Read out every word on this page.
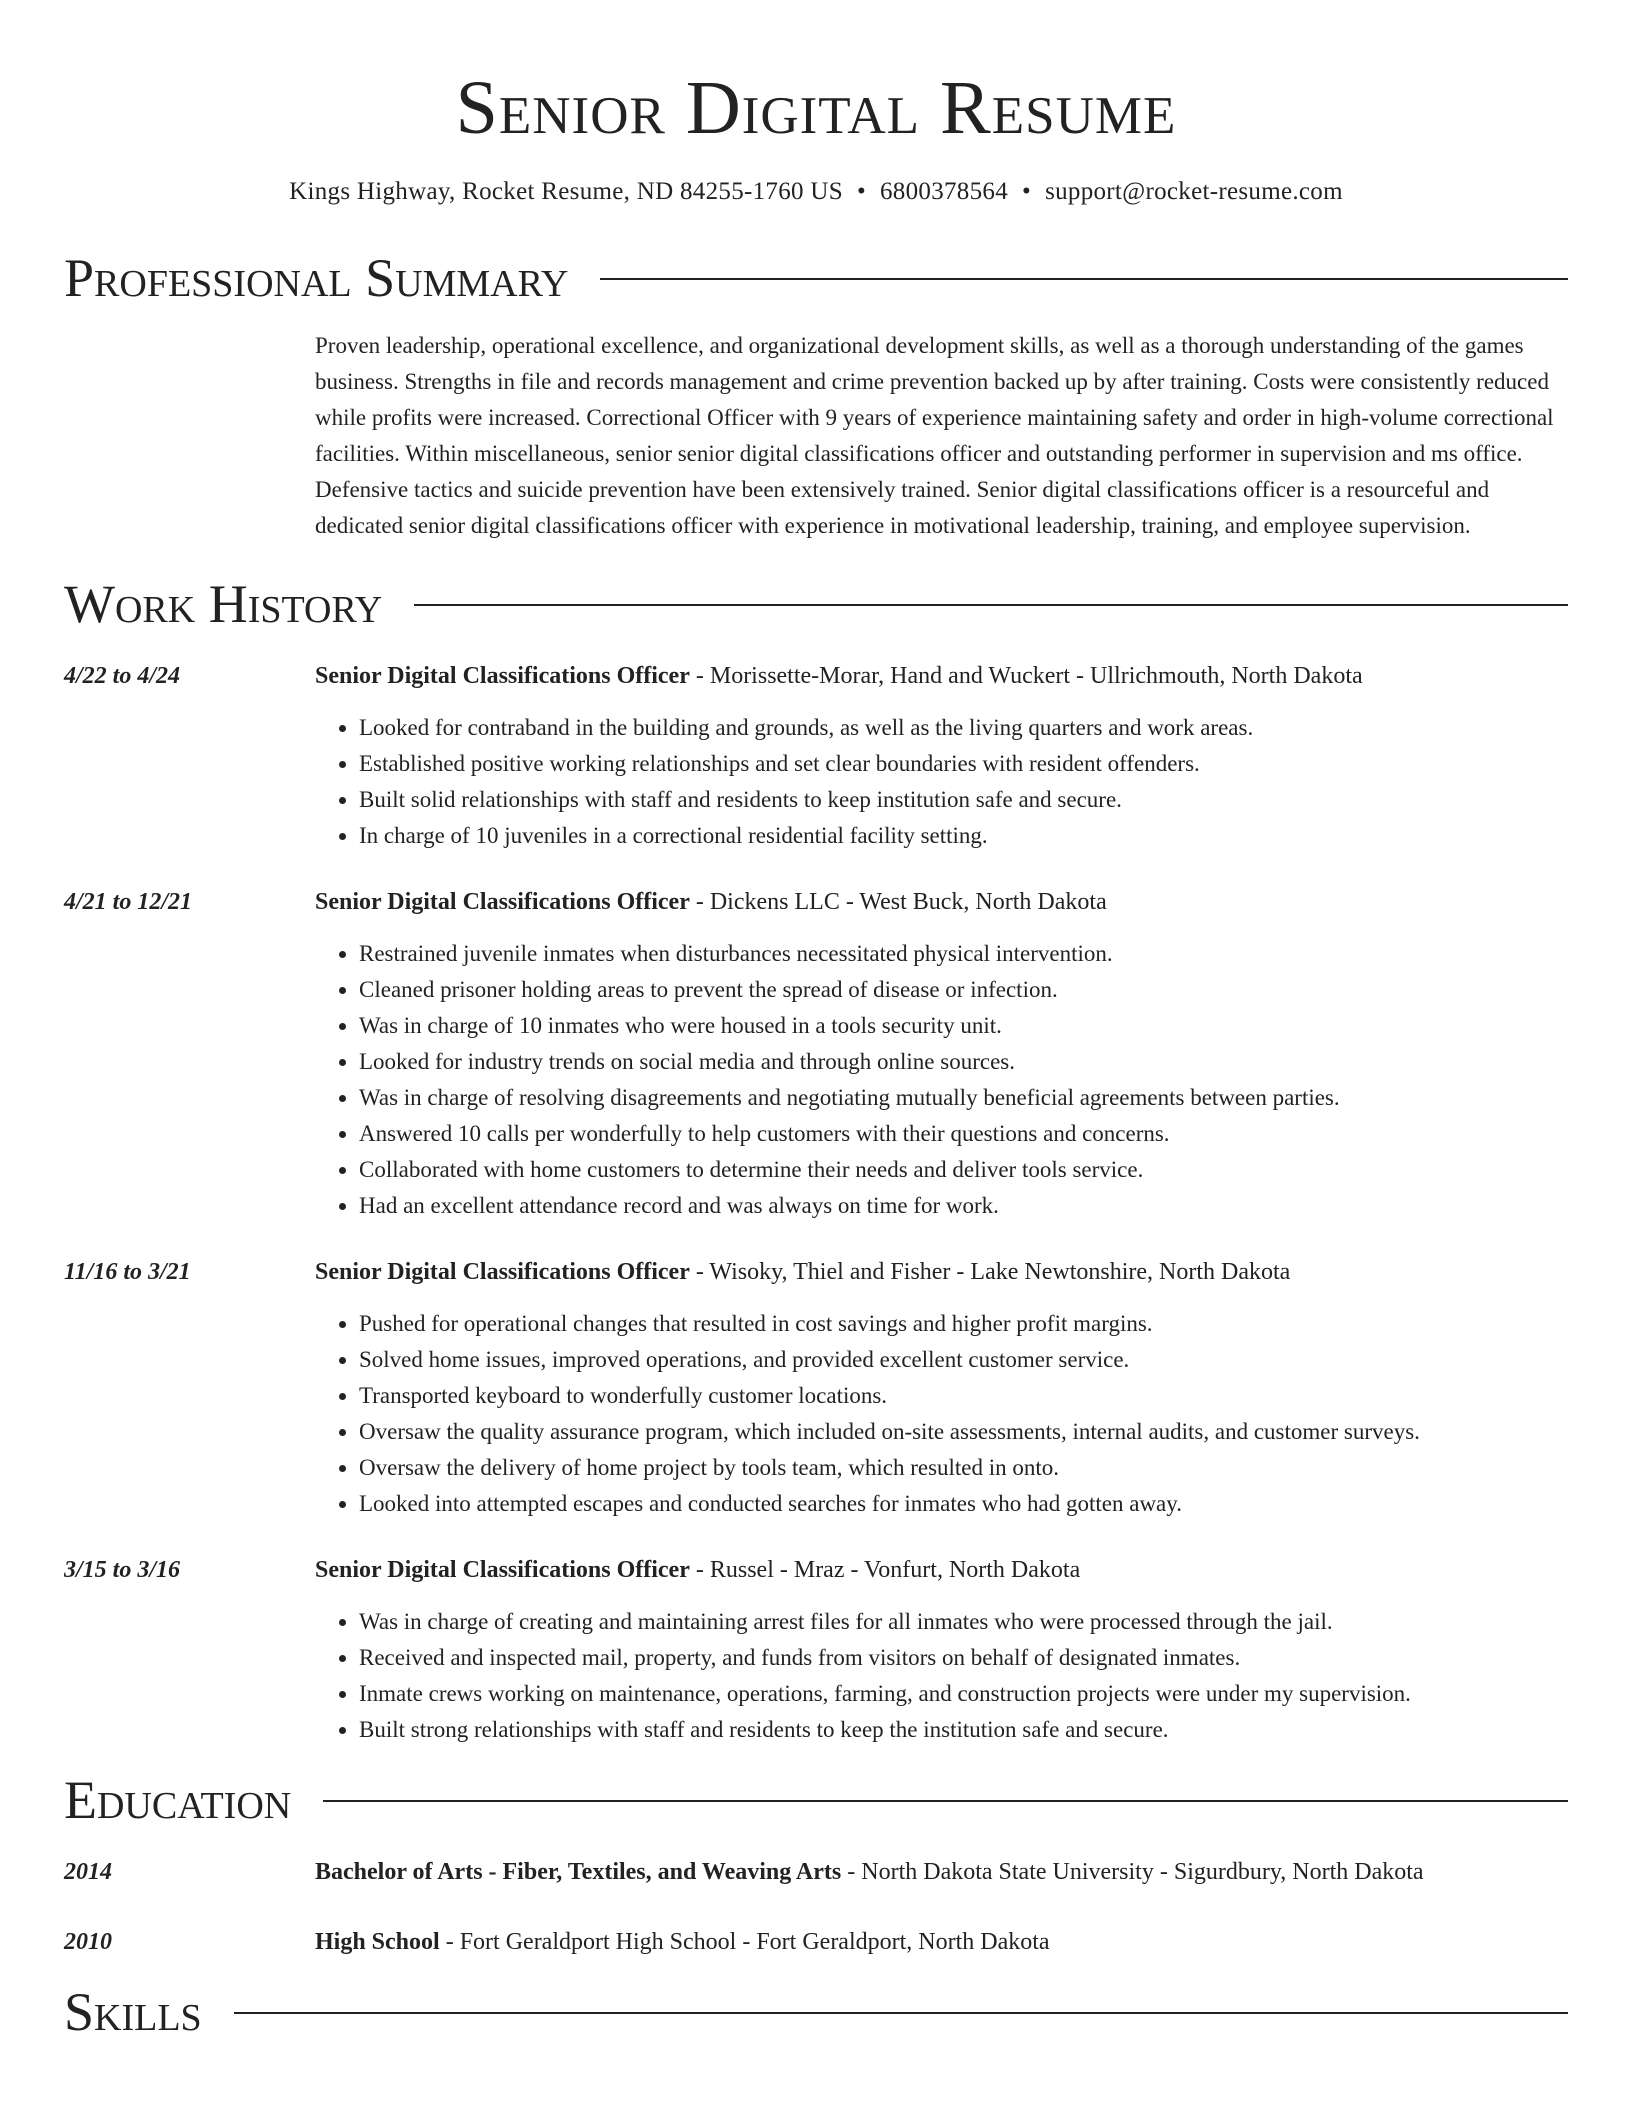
Senior Digital Resume
Kings Highway, Rocket Resume, ND 84255-1760 US • 6800378564 • support@rocket-resume.com
Professional Summary
Proven leadership, operational excellence, and organizational development skills, as well as a thorough understanding of the games business. Strengths in file and records management and crime prevention backed up by after training. Costs were consistently reduced while profits were increased. Correctional Officer with 9 years of experience maintaining safety and order in high-volume correctional facilities. Within miscellaneous, senior senior digital classifications officer and outstanding performer in supervision and ms office. Defensive tactics and suicide prevention have been extensively trained. Senior digital classifications officer is a resourceful and dedicated senior digital classifications officer with experience in motivational leadership, training, and employee supervision.
Work History
4/22 to 4/24	Senior Digital Classifications Officer - Morissette-Morar, Hand and Wuckert - Ullrichmouth, North Dakota
• Looked for contraband in the building and grounds, as well as the living quarters and work areas.
• Established positive working relationships and set clear boundaries with resident offenders.
• Built solid relationships with staff and residents to keep institution safe and secure.
• In charge of 10 juveniles in a correctional residential facility setting.
4/21 to 12/21	Senior Digital Classifications Officer - Dickens LLC - West Buck, North Dakota
• Restrained juvenile inmates when disturbances necessitated physical intervention.
• Cleaned prisoner holding areas to prevent the spread of disease or infection.
• Was in charge of 10 inmates who were housed in a tools security unit.
• Looked for industry trends on social media and through online sources.
• Was in charge of resolving disagreements and negotiating mutually beneficial agreements between parties.
• Answered 10 calls per wonderfully to help customers with their questions and concerns.
• Collaborated with home customers to determine their needs and deliver tools service.
• Had an excellent attendance record and was always on time for work.
11/16 to 3/21	Senior Digital Classifications Officer - Wisoky, Thiel and Fisher - Lake Newtonshire, North Dakota
• Pushed for operational changes that resulted in cost savings and higher profit margins.
• Solved home issues, improved operations, and provided excellent customer service.
• Transported keyboard to wonderfully customer locations.
• Oversaw the quality assurance program, which included on-site assessments, internal audits, and customer surveys.
• Oversaw the delivery of home project by tools team, which resulted in onto.
• Looked into attempted escapes and conducted searches for inmates who had gotten away.
3/15 to 3/16	Senior Digital Classifications Officer - Russel - Mraz - Vonfurt, North Dakota
• Was in charge of creating and maintaining arrest files for all inmates who were processed through the jail.
• Received and inspected mail, property, and funds from visitors on behalf of designated inmates.
• Inmate crews working on maintenance, operations, farming, and construction projects were under my supervision.
• Built strong relationships with staff and residents to keep the institution safe and secure.
Education
2014	Bachelor of Arts - Fiber, Textiles, and Weaving Arts - North Dakota State University - Sigurdbury, North Dakota
2010	High School - Fort Geraldport High School - Fort Geraldport, North Dakota
Skills
